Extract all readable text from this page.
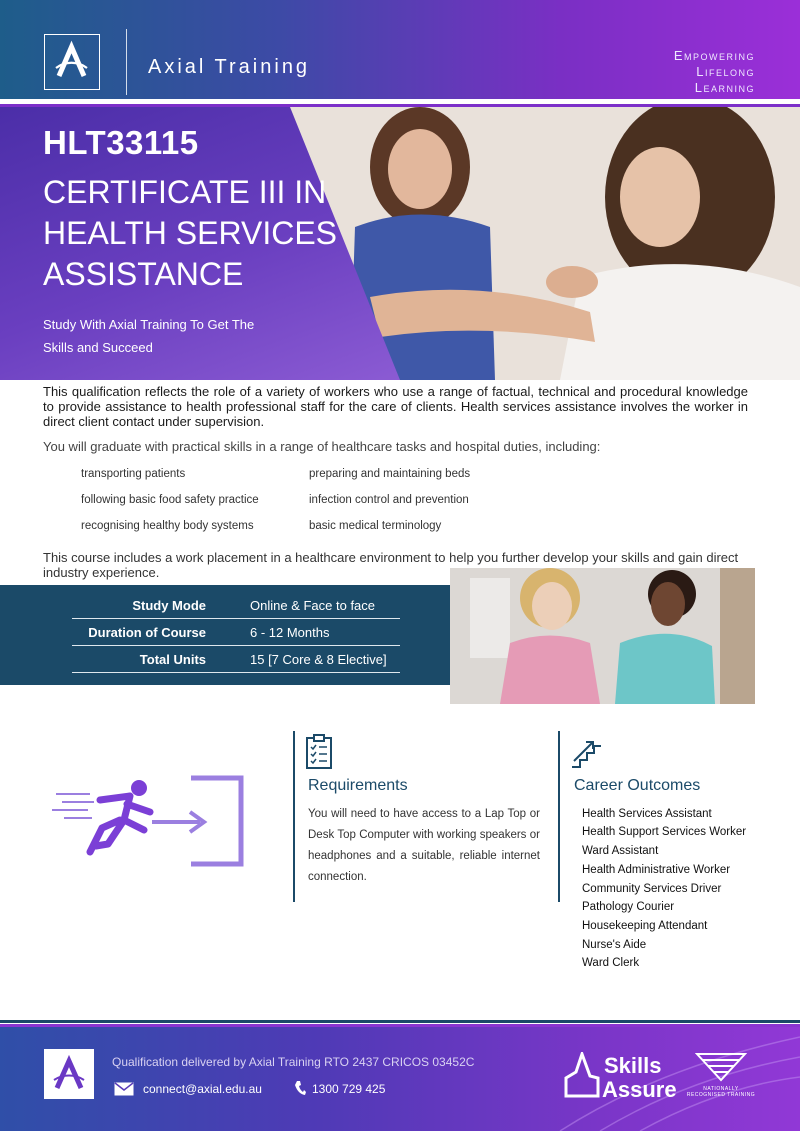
Axial Training
Empowering
Lifelong
Learning
HLT33115
CERTIFICATE III IN
HEALTH SERVICES
ASSISTANCE
Study With Axial Training To Get The
Skills and Succeed
This qualification reflects the role of a variety of workers who use a range of factual, technical and procedural knowledge to provide assistance to health professional staff for the care of clients. Health services assistance involves the worker in direct client contact under supervision.
You will graduate with practical skills in a range of healthcare tasks and hospital duties, including:
transporting patients	preparing and maintaining beds
following basic food safety practice	infection control and prevention
recognising healthy body systems	basic medical terminology
This course includes a work placement in a healthcare environment to help you further develop your skills and gain direct industry experience.
Study Mode	Online & Face to face
Duration of Course	6 - 12 Months
Total Units	15 [7 Core & 8 Elective]
Requirements
You will need to have access to a Lap Top or Desk Top Computer with working speakers or headphones and a suitable, reliable internet connection.
Career Outcomes
Health Services Assistant
Health Support Services Worker
Ward Assistant
Health Administrative Worker
Community Services Driver
Pathology Courier
Housekeeping Attendant
Nurse's Aide
Ward Clerk
Qualification delivered by Axial Training RTO 2437 CRICOS 03452C
connect@axial.edu.au	1300 729 425
Skills
Assure	NATIONALLY RECOGNISED TRAINING
